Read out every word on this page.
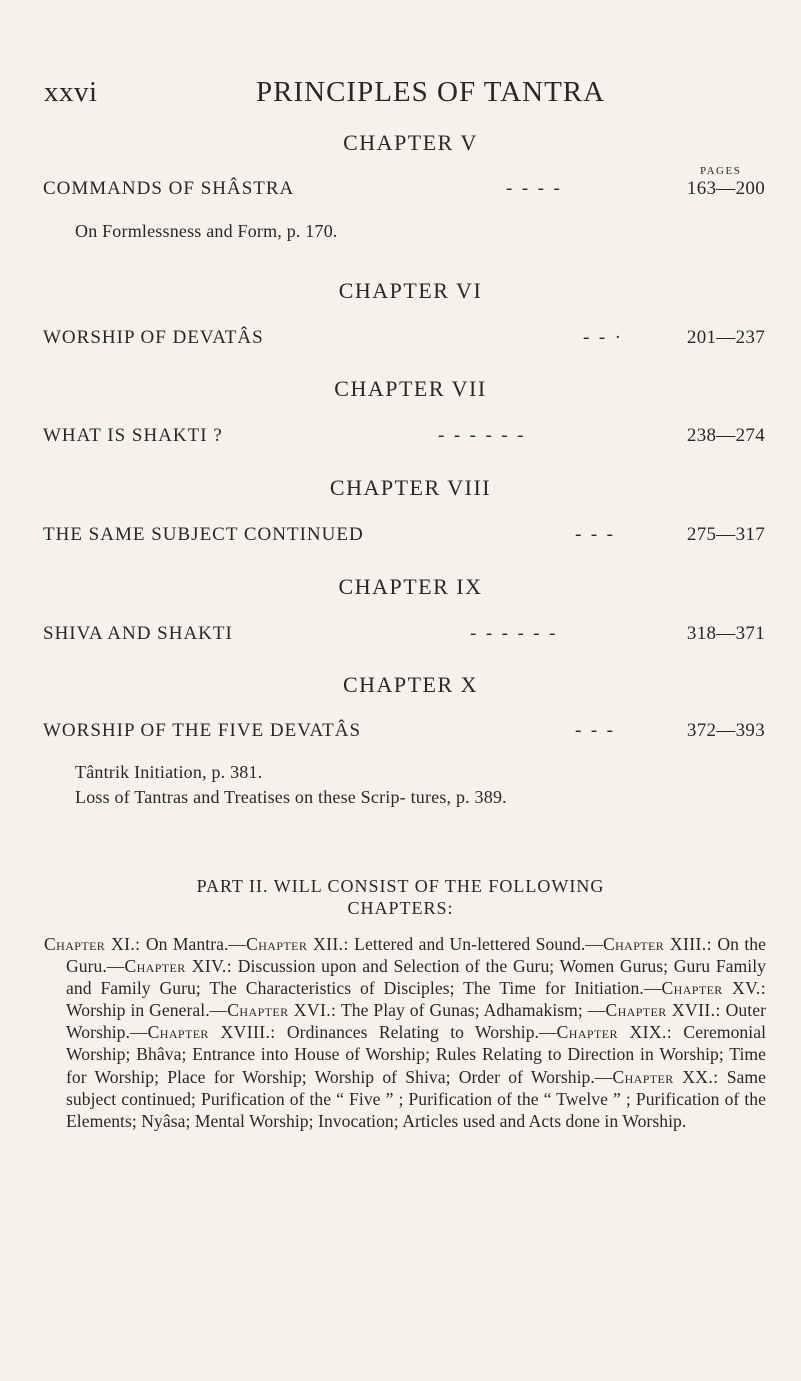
xxvi	PRINCIPLES OF TANTRA
PAGES
CHAPTER V
COMMANDS OF SHÂSTRA	-  -  -  -	163—200
On Formlessness and Form, p. 170.
CHAPTER VI
WORSHIP OF DEVATÂS	-  -  ·	201—237
CHAPTER VII
WHAT IS SHAKTI ?	-  -  -  -  -  -	238—274
CHAPTER VIII
THE SAME SUBJECT CONTINUED	-  -  -	275—317
CHAPTER IX
SHIVA AND SHAKTI	-  -  -  -  -  -	318—371
CHAPTER X
WORSHIP OF THE FIVE DEVATÂS	-  -  -	372—393
Tântrik Initiation, p. 381.
Loss of Tantras and Treatises on these Scrip- tures, p. 389.
PART II. WILL CONSIST OF THE FOLLOWING
CHAPTERS:

Chapter XI.: On Mantra.—Chapter XII.: Lettered and Un-lettered Sound.—Chapter XIII.: On the Guru.—Chapter XIV.: Discussion upon and Selection of the Guru; Women Gurus; Guru Family and Family Guru; The Characteristics of Disciples; The Time for Initiation.—Chapter XV.: Worship in General.—Chapter XVI.: The Play of Gunas; Adhamakism; —Chapter XVII.: Outer Worship.—Chapter XVIII.: Ordinances Relating to Worship.—Chapter XIX.: Ceremonial Worship; Bhâva; Entrance into House of Worship; Rules Relating to Direction in Worship; Time for Worship; Place for Worship; Worship of Shiva; Order of Worship.—Chapter XX.: Same subject continued; Purification of the “ Five ” ; Purification of the “ Twelve ” ; Purification of the Elements; Nyâsa; Mental Worship; Invocation; Articles used and Acts done in Worship.
